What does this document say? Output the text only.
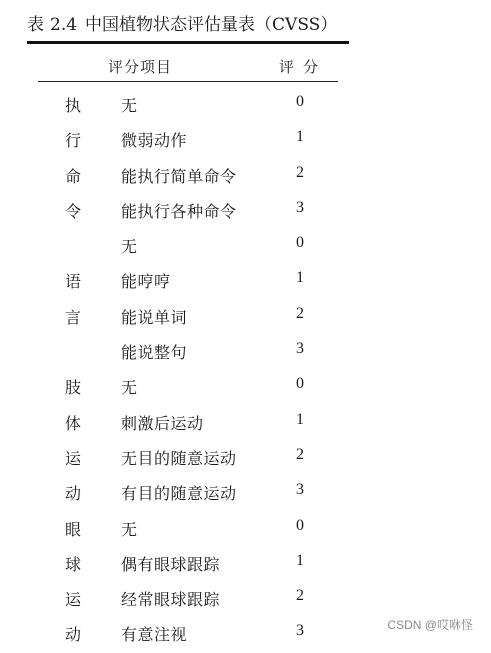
表 2.4 中国植物状态评估量表（CVSS）
评分项目	评分
执 无	0
行 微弱动作	1
命 能执行简单命令	2
令 能执行各种命令	3
无	0
语 能哼哼	1
言 能说单词	2
能说整句	3
肢 无	0
体 刺激后运动	1
运 无目的随意运动	2
动 有目的随意运动	3
眼 无	0
球 偶有眼球跟踪	1
运 经常眼球跟踪	2
动 有意注视	3	CSDN @哎咻怪
